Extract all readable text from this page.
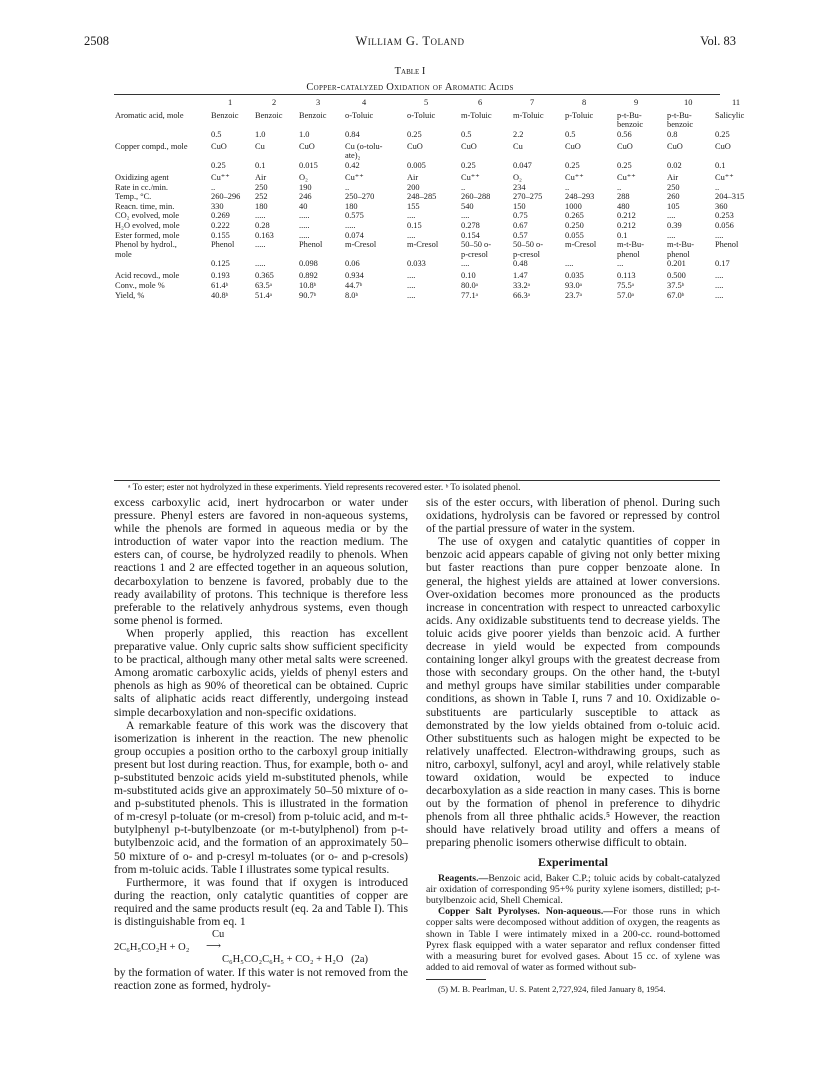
2508	William G. Toland	Vol. 83
Table I
Copper-catalyzed Oxidation of Aromatic Acids
	1	2	3	4	5	6	7	8	9	10	11

Aromatic acid, mole	Benzoic	Benzoic	Benzoic	o-Toluic	o-Toluic	m-Toluic	m-Toluic	p-Toluic	p-t-Bu-	p-t-Bu-	Salicylic
									benzoic	benzoic	
	0.5	1.0	1.0	0.84	0.25	0.5	2.2	0.5	0.56	0.8	0.25
Copper compd., mole	CuO	Cu	CuO	Cu (o-tolu-	CuO	CuO	Cu	CuO	CuO	CuO	CuO
				ate)₂							
	0.25	0.1	0.015	0.42	0.005	0.25	0.047	0.25	0.25	0.02	0.1
Oxidizing agent	Cu⁺⁺	Air	O₂	Cu⁺⁺	Air	Cu⁺⁺	O₂	Cu⁺⁺	Cu⁺⁺	Air	Cu⁺⁺
Rate in cc./min.	..	250	190	..	200	..	234	..	..	250	..
Temp., °C.	260–296	252	246	250–270	248–285	260–288	270–275	248–293	288	260	204–315
Reacn. time, min.	330	180	40	180	155	540	150	1000	480	105	360
CO₂ evolved, mole	0.269	.....	.....	0.575	....	....	0.75	0.265	0.212	....	0.253
H₂O evolved, mole	0.222	0.28	.....	.....	0.15	0.278	0.67	0.250	0.212	0.39	0.056
Ester formed, mole	0.155	0.163	.....	0.074	....	0.154	0.57	0.055	0.1	....	....
Phenol by hydrol.,	Phenol	.....	Phenol	m-Cresol	m-Cresol	50–50 o-	50–50 o-	m-Cresol	m-t-Bu-	m-t-Bu-	Phenol
mole						p-cresol	p-cresol		phenol	phenol	
	0.125	.....	0.098	0.06	0.033	....	0.48	....	...	0.201	0.17
Acid recovd., mole	0.193	0.365	0.892	0.934	....	0.10	1.47	0.035	0.113	0.500	....
Conv., mole %	61.4ᵇ	63.5ᵃ	10.8ᵇ	44.7ᵇ	....	80.0ᵃ	33.2ᵃ	93.0ᵃ	75.5ᵃ	37.5ᵇ	....
Yield, %	40.8ᵇ	51.4ᵃ	90.7ᵇ	8.0ᵇ	....	77.1ᵃ	66.3ᵃ	23.7ᵃ	57.0ᵃ	67.0ᵇ	....
ᵃ To ester; ester not hydrolyzed in these experiments. Yield represents recovered ester. ᵇ To isolated phenol.

excess carboxylic acid, inert hydrocarbon or water under pressure. Phenyl esters are favored in non-aqueous systems, while the phenols are formed in aqueous media or by the introduction of water vapor into the reaction medium. The esters can, of course, be hydrolyzed readily to phenols. When reactions 1 and 2 are effected together in an aqueous solution, decarboxylation to benzene is favored, probably due to the ready availability of protons. This technique is therefore less preferable to the relatively anhydrous systems, even though some phenol is formed.

When properly applied, this reaction has excellent preparative value. Only cupric salts show sufficient specificity to be practical, although many other metal salts were screened. Among aromatic carboxylic acids, yields of phenyl esters and phenols as high as 90% of theoretical can be obtained. Cupric salts of aliphatic acids react differently, undergoing instead simple decarboxylation and non-specific oxidations.

A remarkable feature of this work was the discovery that isomerization is inherent in the reaction. The new phenolic group occupies a position ortho to the carboxyl group initially present but lost during reaction. Thus, for example, both o- and p-substituted benzoic acids yield m-substituted phenols, while m-substituted acids give an approximately 50–50 mixture of o- and p-substituted phenols. This is illustrated in the formation of m-cresyl p-toluate (or m-cresol) from p-toluic acid, and m-t-butylphenyl p-t-butylbenzoate (or m-t-butylphenol) from p-t-butylbenzoic acid, and the formation of an approximately 50–50 mixture of o- and p-cresyl m-toluates (or o- and p-cresols) from m-toluic acids. Table I illustrates some typical results.

Furthermore, it was found that if oxygen is introduced during the reaction, only catalytic quantities of copper are required and the same products result (eq. 2a and Table I). This is distinguishable from eq. 1

Cu
2C₆H₅CO₂H + O₂ ⟶
C₆H₅CO₂C₆H₅ + CO₂ + H₂O (2a)

by the formation of water. If this water is not removed from the reaction zone as formed, hydroly-

sis of the ester occurs, with liberation of phenol. During such oxidations, hydrolysis can be favored or repressed by control of the partial pressure of water in the system.

The use of oxygen and catalytic quantities of copper in benzoic acid appears capable of giving not only better mixing but faster reactions than pure copper benzoate alone. In general, the highest yields are attained at lower conversions. Over-oxidation becomes more pronounced as the products increase in concentration with respect to unreacted carboxylic acids. Any oxidizable substituents tend to decrease yields. The toluic acids give poorer yields than benzoic acid. A further decrease in yield would be expected from compounds containing longer alkyl groups with the greatest decrease from those with secondary groups. On the other hand, the t-butyl and methyl groups have similar stabilities under comparable conditions, as shown in Table I, runs 7 and 10. Oxidizable o-substituents are particularly susceptible to attack as demonstrated by the low yields obtained from o-toluic acid. Other substituents such as halogen might be expected to be relatively unaffected. Electron-withdrawing groups, such as nitro, carboxyl, sulfonyl, acyl and aroyl, while relatively stable toward oxidation, would be expected to induce decarboxylation as a side reaction in many cases. This is borne out by the formation of phenol in preference to dihydric phenols from all three phthalic acids.⁵ However, the reaction should have relatively broad utility and offers a means of preparing phenolic isomers otherwise difficult to obtain.

Experimental

Reagents.—Benzoic acid, Baker C.P.; toluic acids by cobalt-catalyzed air oxidation of corresponding 95+% purity xylene isomers, distilled; p-t-butylbenzoic acid, Shell Chemical.

Copper Salt Pyrolyses. Non-aqueous.—For those runs in which copper salts were decomposed without addition of oxygen, the reagents as shown in Table I were intimately mixed in a 200-cc. round-bottomed Pyrex flask equipped with a water separator and reflux condenser fitted with a measuring buret for evolved gases. About 15 cc. of xylene was added to aid removal of water as formed without sub-

(5) M. B. Pearlman, U. S. Patent 2,727,924, filed January 8, 1954.
